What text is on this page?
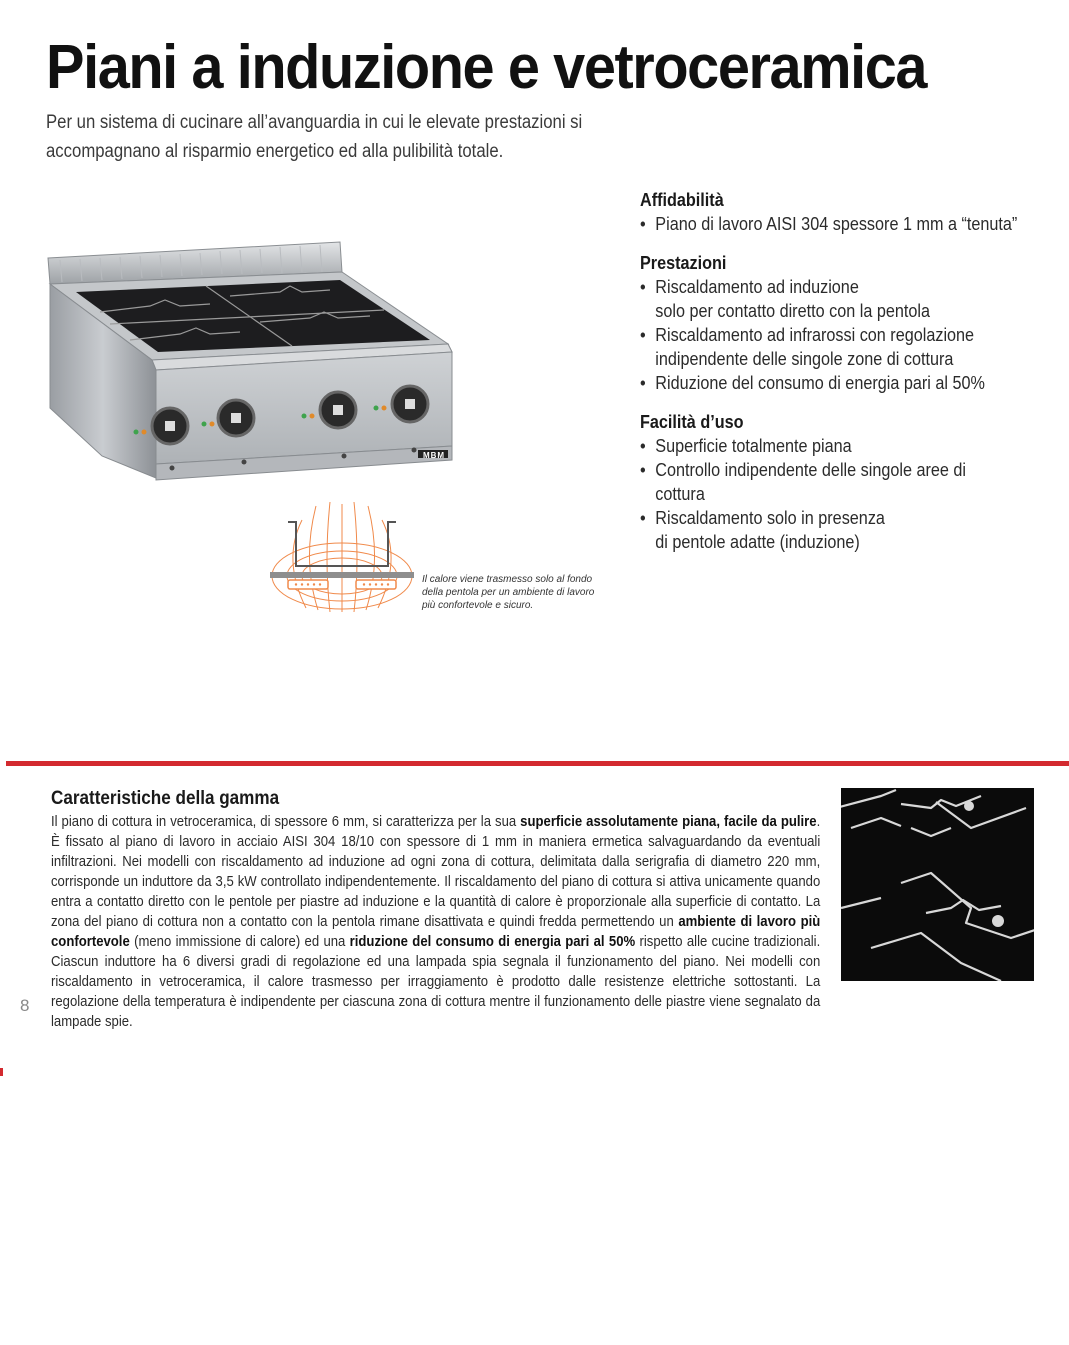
Piani a induzione e vetroceramica
Per un sistema di cucinare all’avanguardia in cui le elevate prestazioni si accompagnano al risparmio energetico ed alla pulibilità totale.
MBM
Il calore viene trasmesso solo al fondo della pentola per un ambiente di lavoro più confortevole e sicuro.
Affidabilità
• Piano di lavoro AISI 304 spessore 1 mm a “tenuta”
Prestazioni
• Riscaldamento ad induzione
solo per contatto diretto con la pentola
• Riscaldamento ad infrarossi con regolazione
indipendente delle singole zone di cottura
• Riduzione del consumo di energia pari al 50%
Facilità d’uso
• Superficie totalmente piana
• Controllo indipendente delle singole aree di cottura
• Riscaldamento solo in presenza
di pentole adatte (induzione)
Caratteristiche della gamma
Il piano di cottura in vetroceramica, di spessore 6 mm, si caratterizza per la sua superficie assolutamente piana, facile da pulire. È fissato al piano di lavoro in acciaio AISI 304 18/10 con spessore di 1 mm in maniera ermetica salvaguardando da eventuali infiltrazioni. Nei modelli con riscaldamento ad induzione ad ogni zona di cottura, delimitata dalla serigrafia di diametro 220 mm, corrisponde un induttore da 3,5 kW controllato indipendentemente. Il riscaldamento del piano di cottura si attiva unicamente quando entra a contatto diretto con le pentole per piastre ad induzione e la quantità di calore è proporzionale alla superficie di contatto. La zona del piano di cottura non a contatto con la pentola rimane disattivata e quindi fredda permettendo un ambiente di lavoro più confortevole (meno immissione di calore) ed una riduzione del consumo di energia pari al 50% rispetto alle cucine tradizionali. Ciascun induttore ha 6 diversi gradi di regolazione ed una lampada spia segnala il funzionamento del piano. Nei modelli con riscaldamento in vetroceramica, il calore trasmesso per irraggiamento è prodotto dalle resistenze elettriche sottostanti. La regolazione della temperatura è indipendente per ciascuna zona di cottura mentre il funzionamento delle piastre viene segnalato da lampade spie.
8
